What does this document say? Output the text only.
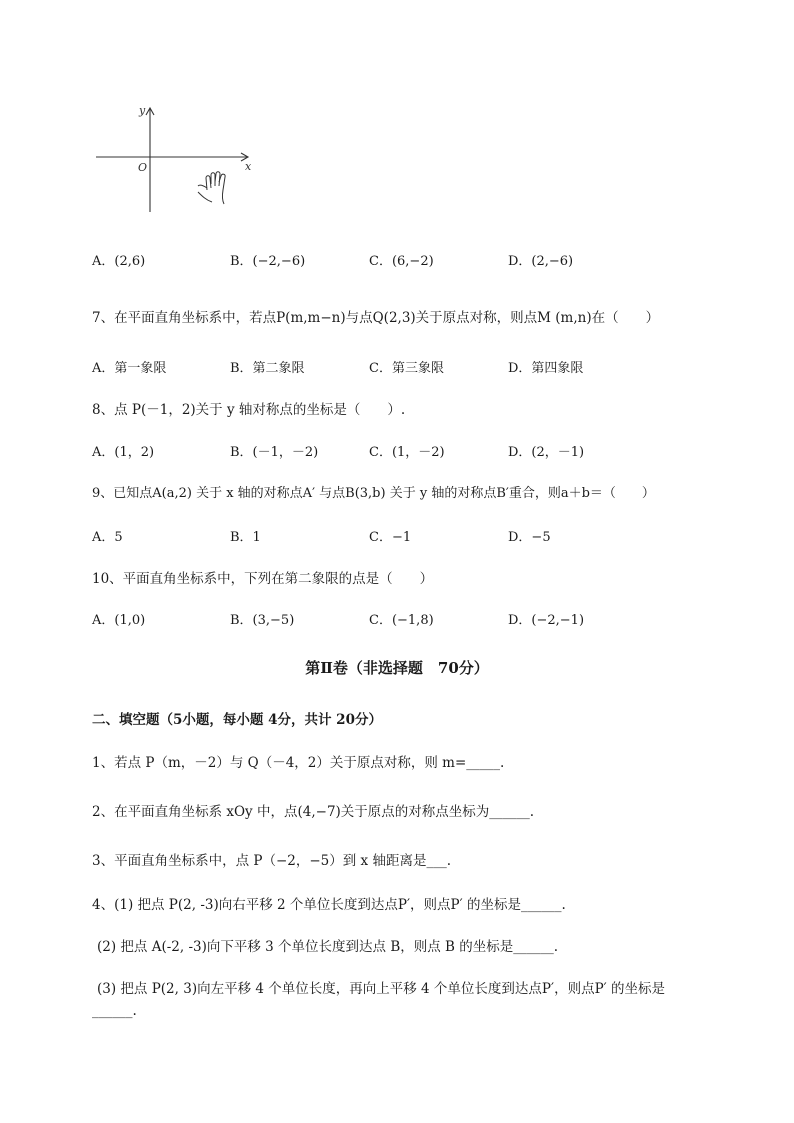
y
x
O
A．(2,6)	B．(−2,−6)	C．(6,−2)	D．(2,−6)
7、在平面直角坐标系中，若点P(m,m−n)与点Q(2,3)关于原点对称，则点M (m,n)在（　　）
A．第一象限	B．第二象限	C．第三象限	D．第四象限
8、点 P(－1，2)关于 y 轴对称点的坐标是（　　）.
A．(1，2)	B．(－1，－2)	C．(1，－2)	D．(2，－1)
9、已知点A(a,2) 关于 x 轴的对称点A′ 与点B(3,b) 关于 y 轴的对称点B′重合，则a＋b＝（　　）
A．5	B．1	C．−1	D．−5
10、平面直角坐标系中，下列在第二象限的点是（　　）
A．(1,0)	B．(3,−5)	C．(−1,8)	D．(−2,−1)
第Ⅱ卷（非选择题　70分）
二、填空题（5小题，每小题 4分，共计 20分）
1、若点 P（m，－2）与 Q（－4，2）关于原点对称，则 m=_____.
2、在平面直角坐标系 xOy 中，点(4,−7)关于原点的对称点坐标为______.
3、平面直角坐标系中，点 P（−2，−5）到 x 轴距离是___.
4、(1) 把点 P(2, -3)向右平移 2 个单位长度到达点P′，则点P′ 的坐标是______.
(2) 把点 A(-2, -3)向下平移 3 个单位长度到达点 B，则点 B 的坐标是______.
(3) 把点 P(2, 3)向左平移 4 个单位长度，再向上平移 4 个单位长度到达点P′，则点P′ 的坐标是
______.
